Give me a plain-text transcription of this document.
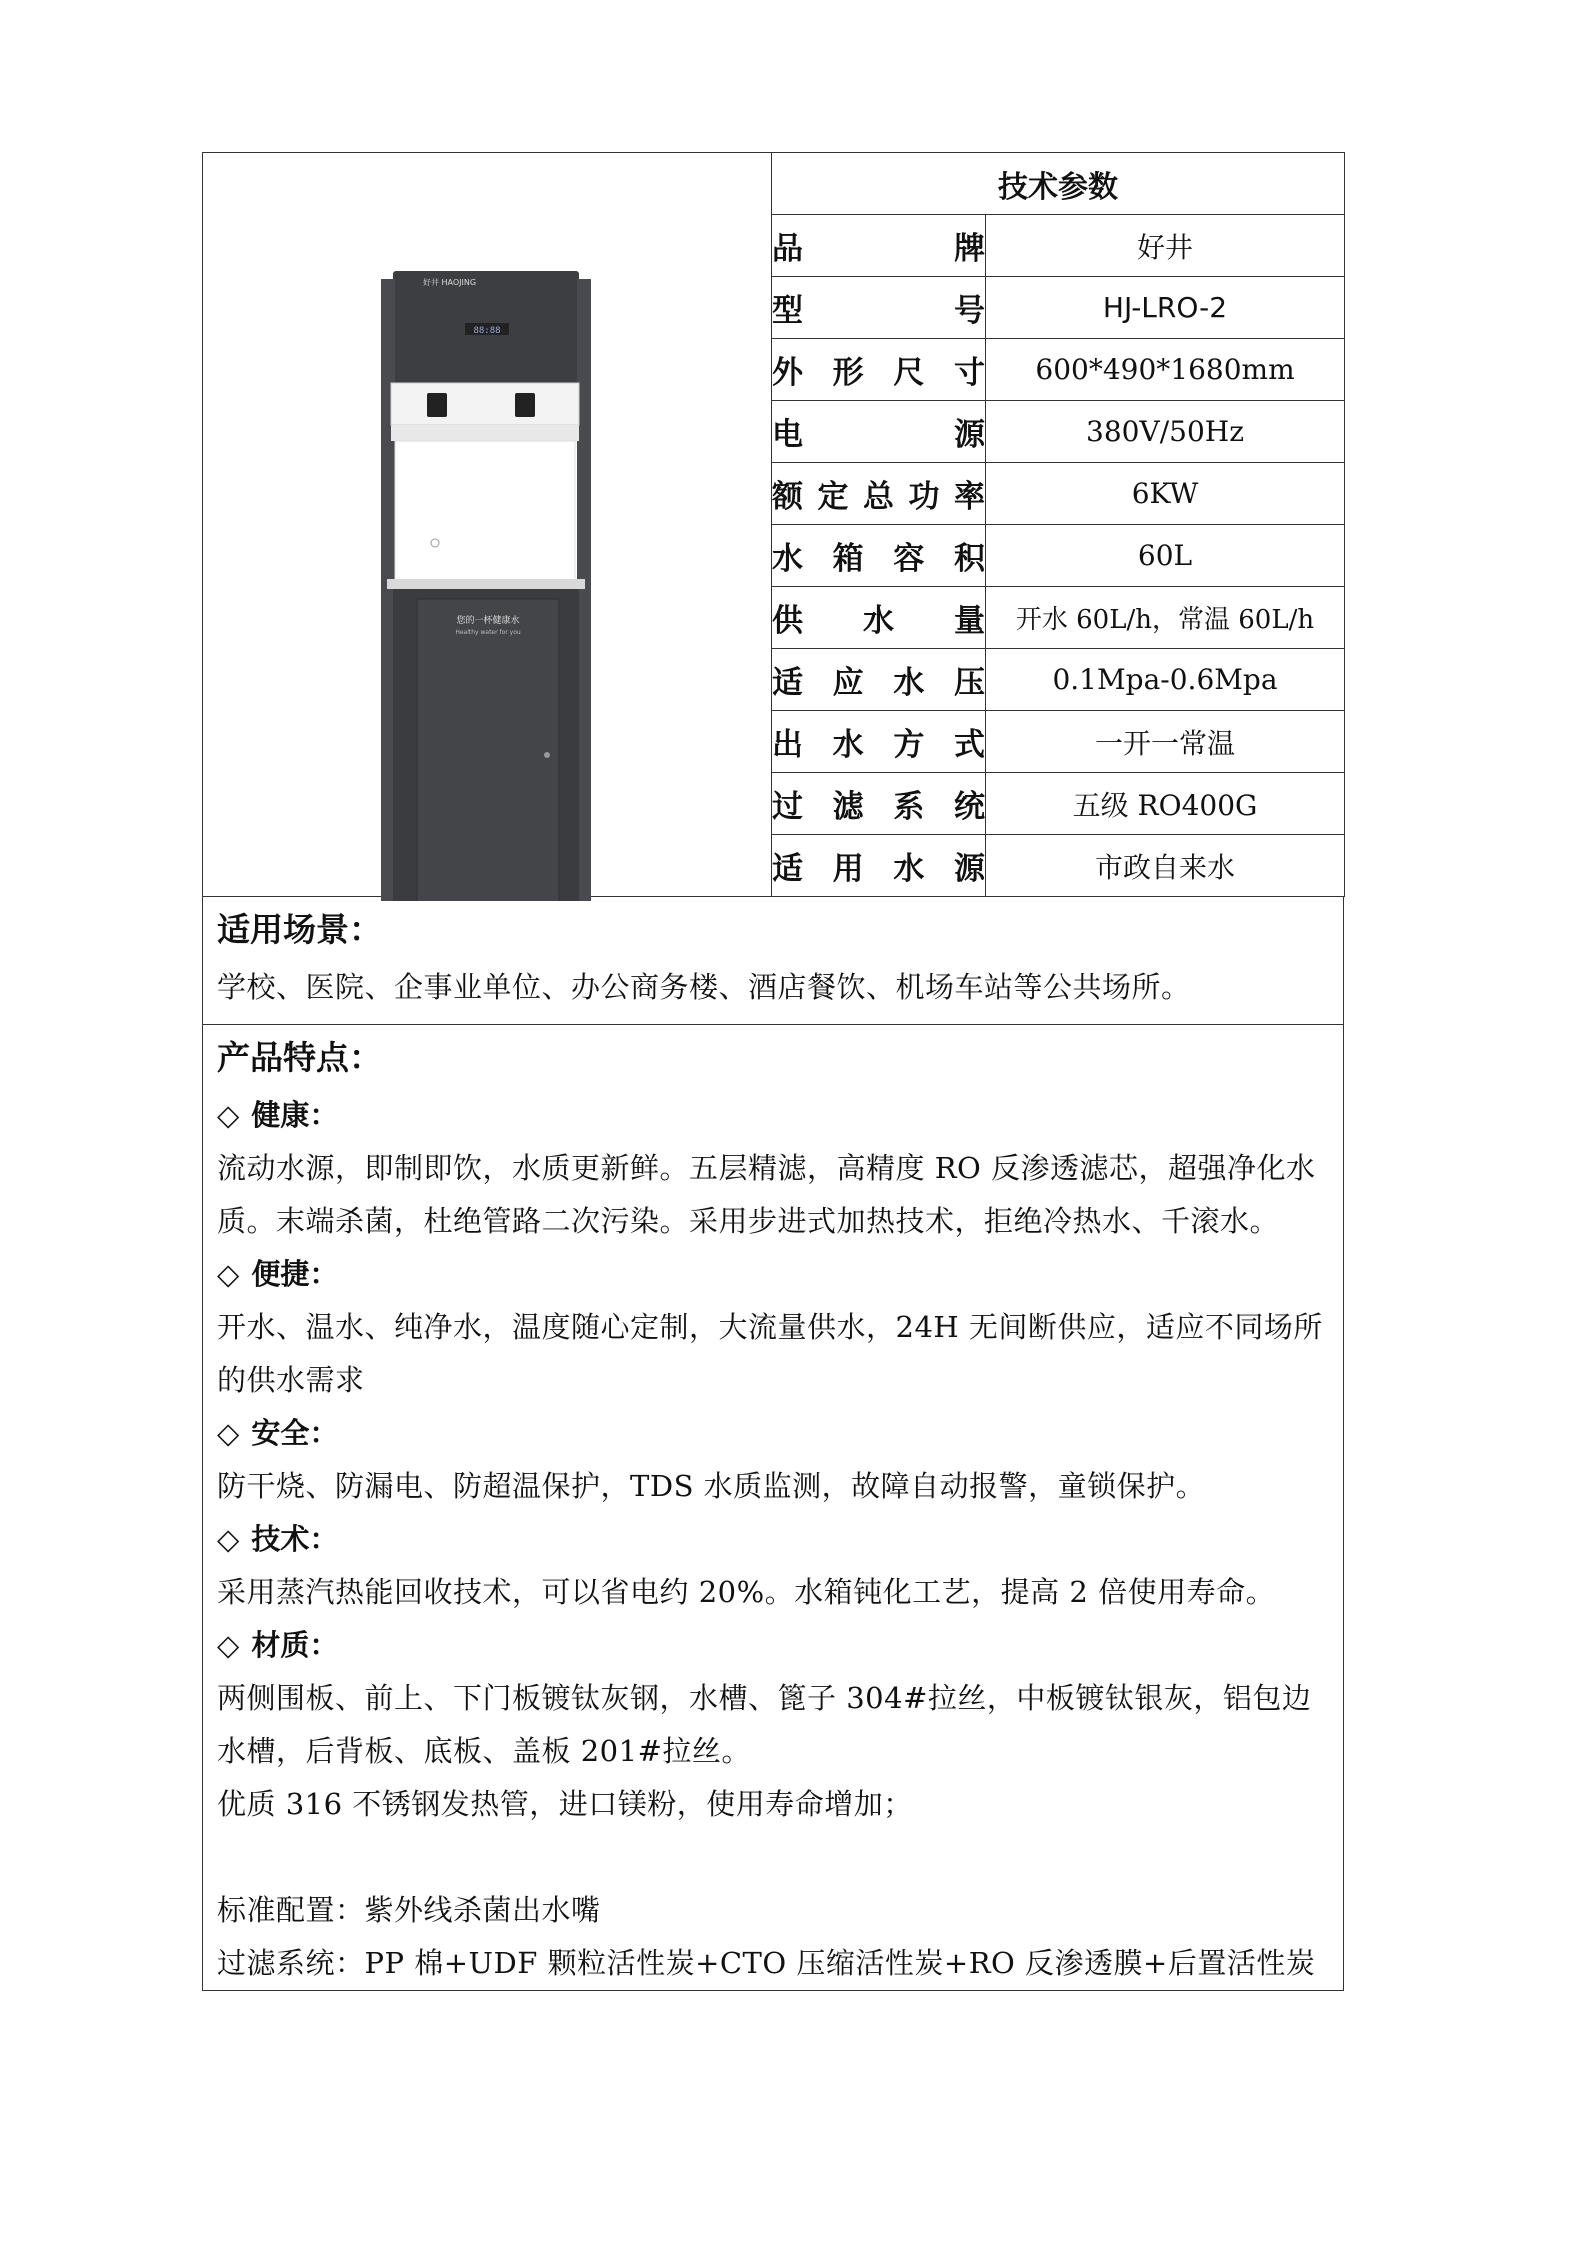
88:88
好井 HAOJING
您的一杯健康水
Healthy water for you	技术参数	

	品 牌	好井

	型 号	HJ-LRO-2

	外 形 尺 寸	600*490*1680mm

	电 源	380V/50Hz

	额 定 总 功 率	6KW

	水 箱 容 积	60L

	供 水 量	开水 60L/h，常温 60L/h

	适 应 水 压	0.1Mpa-0.6Mpa

	出 水 方 式	一开一常温

	过 滤 系 统	五级 RO400G

	适 用 水 源	市政自来水
适用场景：

学校、医院、企事业单位、办公商务楼、酒店餐饮、机场车站等公共场所。

产品特点：
◇ 健康：

流动水源，即制即饮，水质更新鲜。五层精滤，高精度 RO 反渗透滤芯，超强净化水质。末端杀菌，杜绝管路二次污染。采用步进式加热技术，拒绝冷热水、千滚水。

◇ 便捷：

开水、温水、纯净水，温度随心定制，大流量供水，24H 无间断供应，适应不同场所的供水需求

◇ 安全：

防干烧、防漏电、防超温保护，TDS 水质监测，故障自动报警，童锁保护。

◇ 技术：

采用蒸汽热能回收技术，可以省电约 20%。水箱钝化工艺，提高 2 倍使用寿命。

◇ 材质：

两侧围板、前上、下门板镀钛灰钢，水槽、篦子 304#拉丝，中板镀钛银灰，铝包边水槽，后背板、底板、盖板 201#拉丝。

优质 316 不锈钢发热管，进口镁粉，使用寿命增加；

标准配置：紫外线杀菌出水嘴

过滤系统：PP 棉+UDF 颗粒活性炭+CTO 压缩活性炭+RO 反渗透膜+后置活性炭
